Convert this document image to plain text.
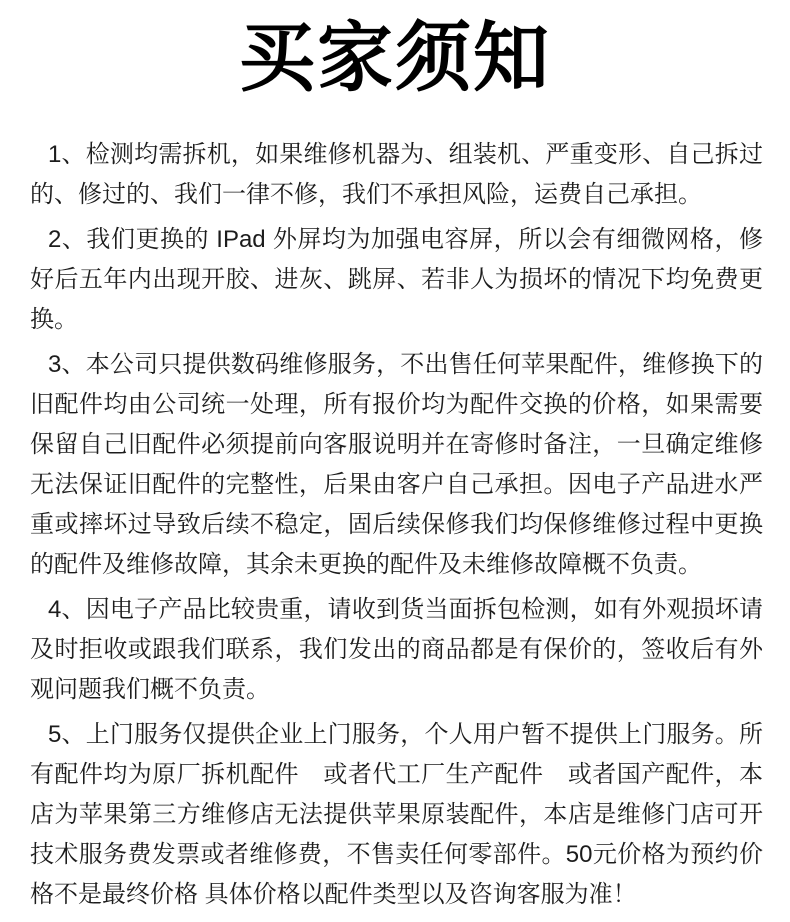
买家须知

1、检测均需拆机，如果维修机器为、组装机、严重变形、自己拆过的、修过的、我们一律不修，我们不承担风险，运费自己承担。

2、我们更换的 IPad 外屏均为加强电容屏，所以会有细微网格，修好后五年内出现开胶、进灰、跳屏、若非人为损坏的情况下均免费更换。

3、本公司只提供数码维修服务，不出售任何苹果配件，维修换下的旧配件均由公司统一处理，所有报价均为配件交换的价格，如果需要保留自己旧配件必须提前向客服说明并在寄修时备注，一旦确定维修无法保证旧配件的完整性，后果由客户自己承担。因电子产品进水严重或摔坏过导致后续不稳定，固后续保修我们均保修维修过程中更换的配件及维修故障，其余未更换的配件及未维修故障概不负责。

4、因电子产品比较贵重，请收到货当面拆包检测，如有外观损坏请及时拒收或跟我们联系，我们发出的商品都是有保价的，签收后有外观问题我们概不负责。

5、上门服务仅提供企业上门服务，个人用户暂不提供上门服务。所有配件均为原厂拆机配件　或者代工厂生产配件　或者国产配件，本店为苹果第三方维修店无法提供苹果原装配件，本店是维修门店可开技术服务费发票或者维修费，不售卖任何零部件。50元价格为预约价格不是最终价格 具体价格以配件类型以及咨询客服为准！
